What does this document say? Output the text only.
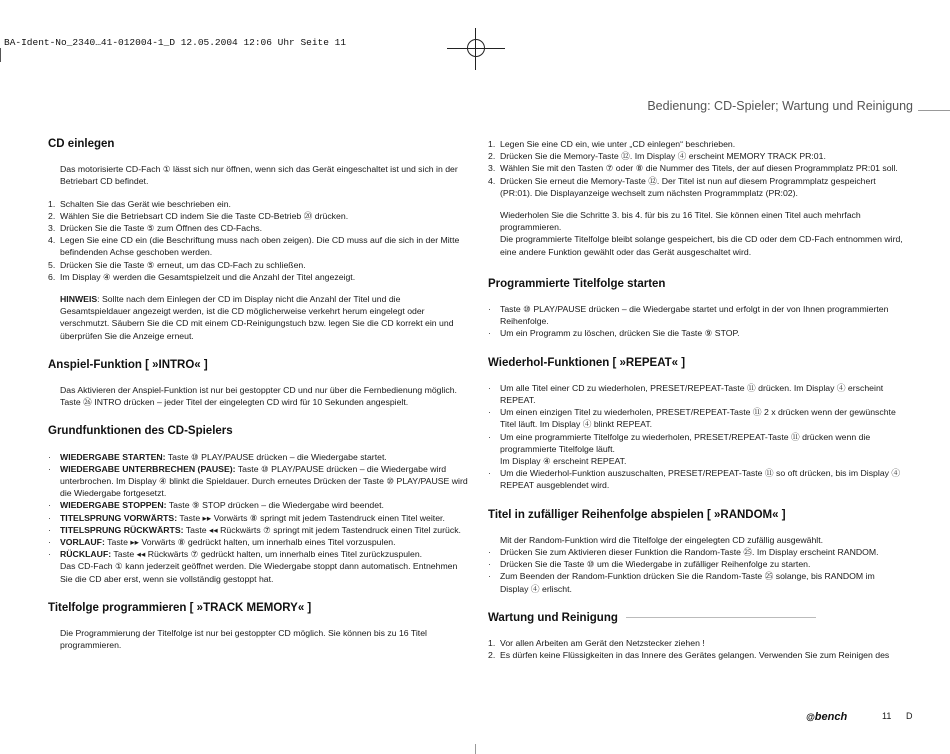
BA-Ident-No_2340…41-012004-1_D 12.05.2004 12:06 Uhr Seite 11
Bedienung: CD-Spieler; Wartung und Reinigung
CD einlegen

Das motorisierte CD-Fach ① lässt sich nur öffnen, wenn sich das Gerät eingeschaltet ist und sich in der Betriebart CD befindet.

1. Schalten Sie das Gerät wie beschrieben ein.
2. Wählen Sie die Betriebsart CD indem Sie die Taste CD-Betrieb ⑳ drücken.
3. Drücken Sie die Taste ⑤ zum Öffnen des CD-Fachs.
4. Legen Sie eine CD ein (die Beschriftung muss nach oben zeigen). Die CD muss auf die sich in der Mitte befindenden Achse geschoben werden.
5. Drücken Sie die Taste ⑤ erneut, um das CD-Fach zu schließen.
6. Im Display ④ werden die Gesamtspielzeit und die Anzahl der Titel angezeigt.

HINWEIS: Sollte nach dem Einlegen der CD im Display nicht die Anzahl der Titel und die Gesamtspieldauer angezeigt werden, ist die CD möglicherweise verkehrt herum eingelegt oder verschmutzt. Säubern Sie die CD mit einem CD-Reinigungstuch bzw. legen Sie die CD korrekt ein und überprüfen Sie die Anzeige erneut.

Anspiel-Funktion [ »INTRO« ]

Das Aktivieren der Anspiel-Funktion ist nur bei gestoppter CD und nur über die Fernbedienung möglich. Taste ㉖ INTRO drücken – jeder Titel der eingelegten CD wird für 10 Sekunden angespielt.

Grundfunktionen des CD-Spielers
· WIEDERGABE STARTEN: Taste ⑩ PLAY/PAUSE drücken – die Wiedergabe startet.
· WIEDERGABE UNTERBRECHEN (PAUSE): Taste ⑩ PLAY/PAUSE drücken – die Wiedergabe wird unterbrochen. Im Display ④ blinkt die Spieldauer. Durch erneutes Drücken der Taste ⑩ PLAY/PAUSE wird die Wiedergabe fortgesetzt.
· WIEDERGABE STOPPEN: Taste ⑨ STOP drücken – die Wiedergabe wird beendet.
· TITELSPRUNG VORWÄRTS: Taste ▸▸ Vorwärts ⑧ springt mit jedem Tastendruck einen Titel weiter.
· TITELSPRUNG RÜCKWÄRTS: Taste ◂◂ Rückwärts ⑦ springt mit jedem Tastendruck einen Titel zurück.
· VORLAUF: Taste ▸▸ Vorwärts ⑧ gedrückt halten, um innerhalb eines Titel vorzuspulen.
· RÜCKLAUF: Taste ◂◂ Rückwärts ⑦ gedrückt halten, um innerhalb eines Titel zurückzuspulen.
Das CD-Fach ① kann jederzeit geöffnet werden. Die Wiedergabe stoppt dann automatisch. Entnehmen Sie die CD aber erst, wenn sie vollständig gestoppt hat.
Titelfolge programmieren [ »TRACK MEMORY« ]

Die Programmierung der Titelfolge ist nur bei gestoppter CD möglich. Sie können bis zu 16 Titel programmieren.

1. Legen Sie eine CD ein, wie unter „CD einlegen“ beschrieben.
2. Drücken Sie die Memory-Taste ⑫. Im Display ④ erscheint MEMORY TRACK PR:01.
3. Wählen Sie mit den Tasten ⑦ oder ⑧ die Nummer des Titels, der auf diesen Programmplatz PR:01 soll.
4. Drücken Sie erneut die Memory-Taste ⑫. Der Titel ist nun auf diesem Programmplatz gespeichert (PR:01). Die Displayanzeige wechselt zum nächsten Programmplatz (PR:02).

Wiederholen Sie die Schritte 3. bis 4. für bis zu 16 Titel. Sie können einen Titel auch mehrfach programmieren.

Die programmierte Titelfolge bleibt solange gespeichert, bis die CD oder dem CD-Fach entnommen wird, eine andere Funktion gewählt oder das Gerät ausgeschaltet wird.

Programmierte Titelfolge starten
· Taste ⑩ PLAY/PAUSE drücken – die Wiedergabe startet und erfolgt in der von Ihnen programmierten Reihenfolge.
· Um ein Programm zu löschen, drücken Sie die Taste ⑨ STOP.
Wiederhol-Funktionen [ »REPEAT« ]
· Um alle Titel einer CD zu wiederholen, PRESET/REPEAT-Taste ⑪ drücken. Im Display ④ erscheint REPEAT.
· Um einen einzigen Titel zu wiederholen, PRESET/REPEAT-Taste ⑪ 2 x drücken wenn der gewünschte Titel läuft. Im Display ④ blinkt REPEAT.
· Um eine programmierte Titelfolge zu wiederholen, PRESET/REPEAT-Taste ⑪ drücken wenn die programmierte Titelfolge läuft.
Im Display ④ erscheint REPEAT.
· Um die Wiederhol-Funktion auszuschalten, PRESET/REPEAT-Taste ⑪ so oft drücken, bis im Display ④ REPEAT ausgeblendet wird.
Titel in zufälliger Reihenfolge abspielen [ »RANDOM« ]

Mit der Random-Funktion wird die Titelfolge der eingelegten CD zufällig ausgewählt.

· Drücken Sie zum Aktivieren dieser Funktion die Random-Taste ㉕. Im Display erscheint RANDOM.
· Drücken Sie die Taste ⑩ um die Wiedergabe in zufälliger Reihenfolge zu starten.
· Zum Beenden der Random-Funktion drücken Sie die Random-Taste ㉕ solange, bis RANDOM im Display ④ erlischt.
Wartung und Reinigung
1. Vor allen Arbeiten am Gerät den Netzstecker ziehen !
2. Es dürfen keine Flüssigkeiten in das Innere des Gerätes gelangen. Verwenden Sie zum Reinigen des
@bench	11 D
